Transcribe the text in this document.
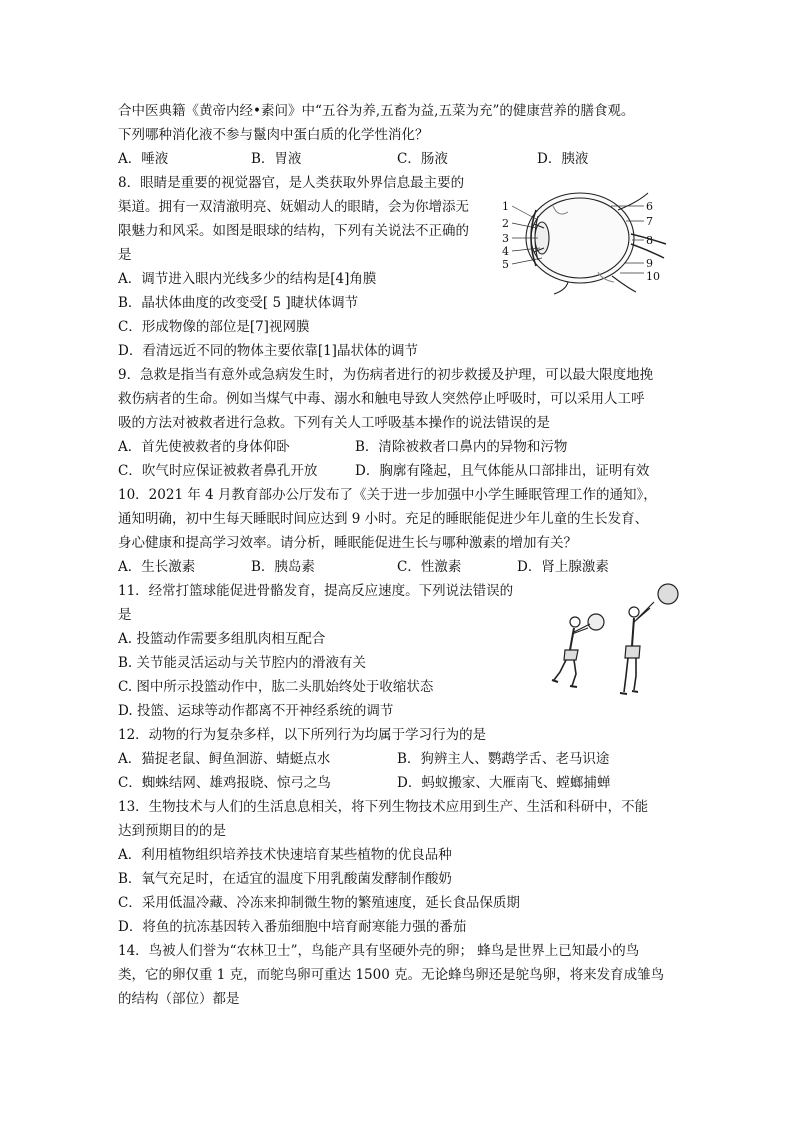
合中医典籍《黄帝内经•素问》中“五谷为养,五畜为益,五菜为充”的健康营养的膳食观。
下列哪种消化液不参与鬣肉中蛋白质的化学性消化？
A．唾液	B．胃液	C．肠液	D．胰液
8．眼睛是重要的视觉器官，是人类获取外界信息最主要的
渠道。拥有一双清澈明亮、妩媚动人的眼睛，会为你增添无
限魅力和风采。如图是眼球的结构，下列有关说法不正确的
是
A．调节进入眼内光线多少的结构是[4]角膜
B．晶状体曲度的改变受[ 5 ]睫状体调节
C．形成物像的部位是[7]视网膜
D．看清远近不同的物体主要依靠[1]晶状体的调节
1
2
3
4
5
6
7
8
9
10
9．急救是指当有意外或急病发生时，为伤病者进行的初步救援及护理，可以最大限度地挽
救伤病者的生命。例如当煤气中毒、溺水和触电导致人突然停止呼吸时，可以采用人工呼
吸的方法对被救者进行急救。下列有关人工呼吸基本操作的说法错误的是
A．首先使被救者的身体仰卧	B．清除被救者口鼻内的异物和污物
C．吹气时应保证被救者鼻孔开放	D．胸廓有隆起，且气体能从口部排出，证明有效
10．2021 年 4 月教育部办公厅发布了《关于进一步加强中小学生睡眠管理工作的通知》，
通知明确，初中生每天睡眠时间应达到 9 小时。充足的睡眠能促进少年儿童的生长发育、
身心健康和提高学习效率。请分析，睡眠能促进生长与哪种激素的增加有关？
A．生长激素	B．胰岛素	C．性激素	D．肾上腺激素
11．经常打篮球能促进骨骼发育，提高反应速度。下列说法错误的
是
A. 投篮动作需要多组肌肉相互配合
B. 关节能灵活运动与关节腔内的滑液有关
C. 图中所示投篮动作中，肱二头肌始终处于收缩状态
D. 投篮、运球等动作都离不开神经系统的调节
12．动物的行为复杂多样，以下所列行为均属于学习行为的是
A．猫捉老鼠、鲟鱼洄游、蜻蜓点水	B．狗辨主人、鹦鹉学舌、老马识途
C．蜘蛛结网、雄鸡报晓、惊弓之鸟	D．蚂蚁搬家、大雁南飞、螳螂捕蝉
13．生物技术与人们的生活息息相关，将下列生物技术应用到生产、生活和科研中，不能
达到预期目的的是
A．利用植物组织培养技术快速培育某些植物的优良品种
B．氧气充足时，在适宜的温度下用乳酸菌发酵制作酸奶
C．采用低温冷藏、冷冻来抑制微生物的繁殖速度，延长食品保质期
D．将鱼的抗冻基因转入番茄细胞中培育耐寒能力强的番茄
14．鸟被人们誉为“农林卫士”，鸟能产具有坚硬外壳的卵； 蜂鸟是世界上已知最小的鸟
类，它的卵仅重 1 克，而鸵鸟卵可重达 1500 克。无论蜂鸟卵还是鸵鸟卵，将来发育成雏鸟
的结构（部位）都是
